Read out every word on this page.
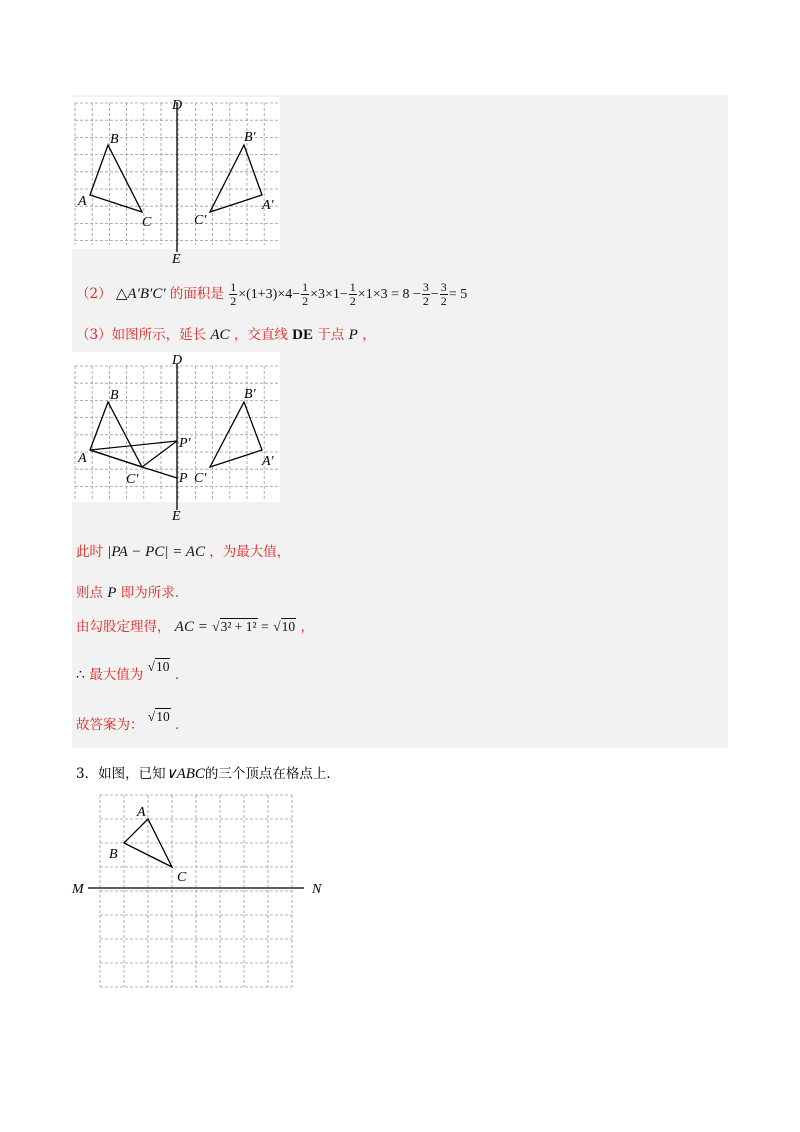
D
E
A
B
C
A′
B′
C′
（2） △A′B′C′ 的面积是 $\frac{1}{2} \times(1+3)\times 4- \frac{1}{2} \times 3\times 1- \frac{1}{2} \times 1\times 3 = 8 - \frac{3}{2} - \frac{3}{2} = 5$
（3）如图所示，延长 AC ，交直线 DE 于点 P ，
D
E
A
B
C′
P′
P
A′
B′
C′
此时 |PA − PC| = AC ，为最大值，
则点 P 即为所求．
由勾股定理得， AC = √3² + 1² = √10 ，
∴ 最大值为 √10 ．
故答案为： √10 ．
3．如图，已知∨ABC的三个顶点在格点上．
A
B
C
M	N
